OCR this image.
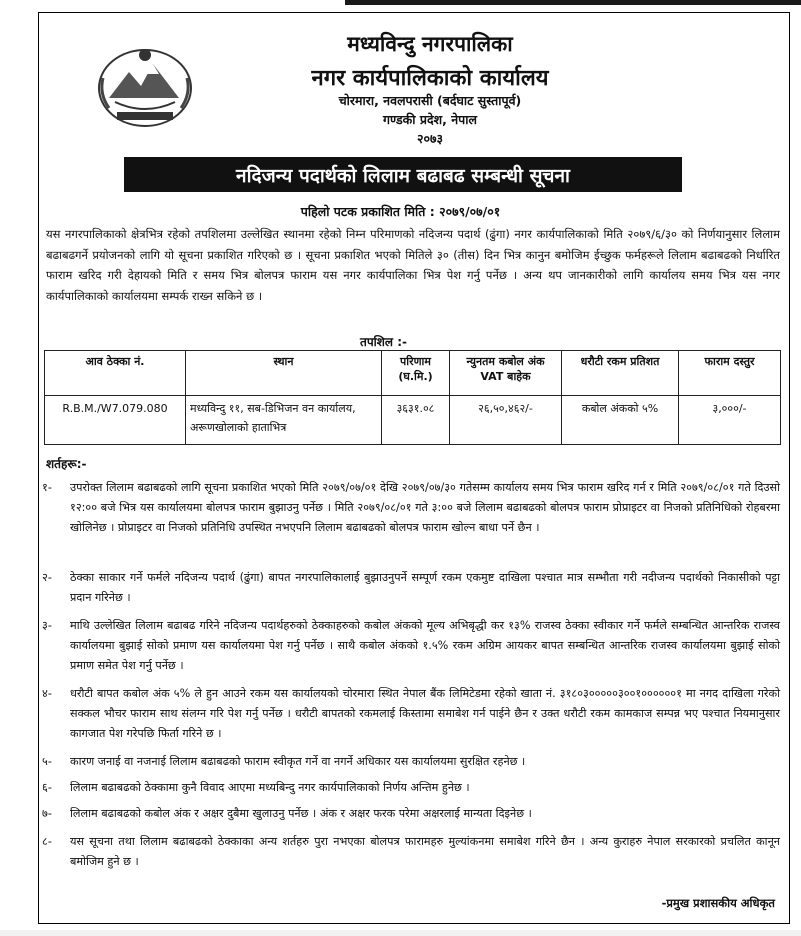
मध्यविन्दु नगरपालिका
नगर कार्यपालिकाको कार्यालय
चोरमारा, नवलपरासी (बर्दघाट सुस्तापूर्व)
गण्डकी प्रदेश, नेपाल
२०७३
नदिजन्य पदार्थको लिलाम बढाबढ सम्बन्धी सूचना
पहिलो पटक प्रकाशित मिति : २०७९/०७/०१
यस नगरपालिकाको क्षेत्रभित्र रहेको तपशिलमा उल्लेखित स्थानमा रहेको निम्न परिमाणको नदिजन्य पदार्थ (ढुंगा) नगर कार्यपालिकाको मिति २०७९/६/३० को निर्णयानुसार लिलाम बढाबढगर्ने प्रयोजनको लागि यो सूचना प्रकाशित गरिएको छ । सूचना प्रकाशित भएको मितिले ३० (तीस) दिन भित्र कानुन बमोजिम ईच्छुक फर्महरूले लिलाम बढाबढको निर्धारित फाराम खरिद गरी देहायको मिति र समय भित्र बोलपत्र फाराम यस नगर कार्यपालिका भित्र पेश गर्नु पर्नेछ । अन्य थप जानकारीको लागि कार्यालय समय भित्र यस नगर कार्यपालिकाको कार्यालयमा सम्पर्क राख्न सकिने छ ।
तपशिल :-
आव ठेक्का नं.	स्थान	परिणाम (घ.मि.)	न्युनतम कबोल अंक VAT बाहेक	धरौटी रकम प्रतिशत	फाराम दस्तुर
R.B.M./W7.079.080	मध्यविन्दु ११, सब-डिभिजन वन कार्यालय, अरूणखोलाको हाताभित्र	३६३१.०८	२६,५०,४६२/-	कबोल अंकको ५%	३,०००/-
शर्तहरू:-
१-	उपरोक्त लिलाम बढाबढको लागि सूचना प्रकाशित भएको मिति २०७९/०७/०१ देखि २०७९/०७/३० गतेसम्म कार्यालय समय भित्र फाराम खरिद गर्न र मिति २०७९/०८/०१ गते दिउसो १२:०० बजे भित्र यस कार्यालयमा बोलपत्र फाराम बुझाउनु पर्नेछ । मिति २०७९/०८/०१ गते ३:०० बजे लिलाम बढाबढको बोलपत्र फाराम प्रोप्राइटर वा निजको प्रतिनिधिको रोहबरमा खोलिनेछ । प्रोप्राइटर वा निजको प्रतिनिधि उपस्थित नभएपनि लिलाम बढाबढको बोलपत्र फाराम खोल्न बाधा पर्ने छैन ।
२-	ठेक्का साकार गर्ने फर्मले नदिजन्य पदार्थ (ढुंगा) बापत नगरपालिकालाई बुझाउनुपर्ने सम्पूर्ण रकम एकमुष्ट दाखिला पश्चात मात्र सम्भौता गरी नदीजन्य पदार्थको निकासीको पट्टा प्रदान गरिनेछ ।
३-	माथि उल्लेखित लिलाम बढाबढ गरिने नदिजन्य पदार्थहरुको ठेक्काहरुको कबोल अंकको मूल्य अभिबृद्धी कर १३% राजस्व ठेक्का स्वीकार गर्ने फर्मले सम्बन्धित आन्तरिक राजस्व कार्यालयमा बुझाई सोको प्रमाण यस कार्यालयमा पेश गर्नु पर्नेछ । साथै कबोल अंकको १.५% रकम अग्रिम आयकर बापत सम्बन्धित आन्तरिक राजस्व कार्यालयमा बुझाई सोको प्रमाण समेत पेश गर्नु पर्नेछ ।
४-	धरौटी बापत कबोल अंक ५% ले हुन आउने रकम यस कार्यालयको चोरमारा स्थित नेपाल बैंक लिमिटेडमा रहेको खाता नं. ३१८०३०००००३००१००००००१ मा नगद दाखिला गरेको सक्कल भौचर फाराम साथ संलग्न गरि पेश गर्नु पर्नेछ । धरौटी बापतको रकमलाई किस्तामा समाबेश गर्न पाईने छैन र उक्त धरौटी रकम कामकाज सम्पन्न भए पश्चात नियमानुसार कागजात पेश गरेपछि फिर्ता गरिने छ ।
५-	कारण जनाई वा नजनाई लिलाम बढाबढको फाराम स्वीकृत गर्ने वा नगर्ने अधिकार यस कार्यालयमा सुरक्षित रहनेछ ।
६-	लिलाम बढाबढको ठेक्कामा कुनै विवाद आएमा मध्यबिन्दु नगर कार्यपालिकाको निर्णय अन्तिम हुनेछ ।
७-	लिलाम बढाबढको कबोल अंक र अक्षर दुबैमा खुलाउनु पर्नेछ । अंक र अक्षर फरक परेमा अक्षरलाई मान्यता दिइनेछ ।
८-	यस सूचना तथा लिलाम बढाबढको ठेक्काका अन्य शर्तहरु पुरा नभएका बोलपत्र फारामहरु मुल्यांकनमा समाबेश गरिने छैन । अन्य कुराहरु नेपाल सरकारको प्रचलित कानून बमोजिम हुने छ ।
-प्रमुख प्रशासकीय अधिकृत
